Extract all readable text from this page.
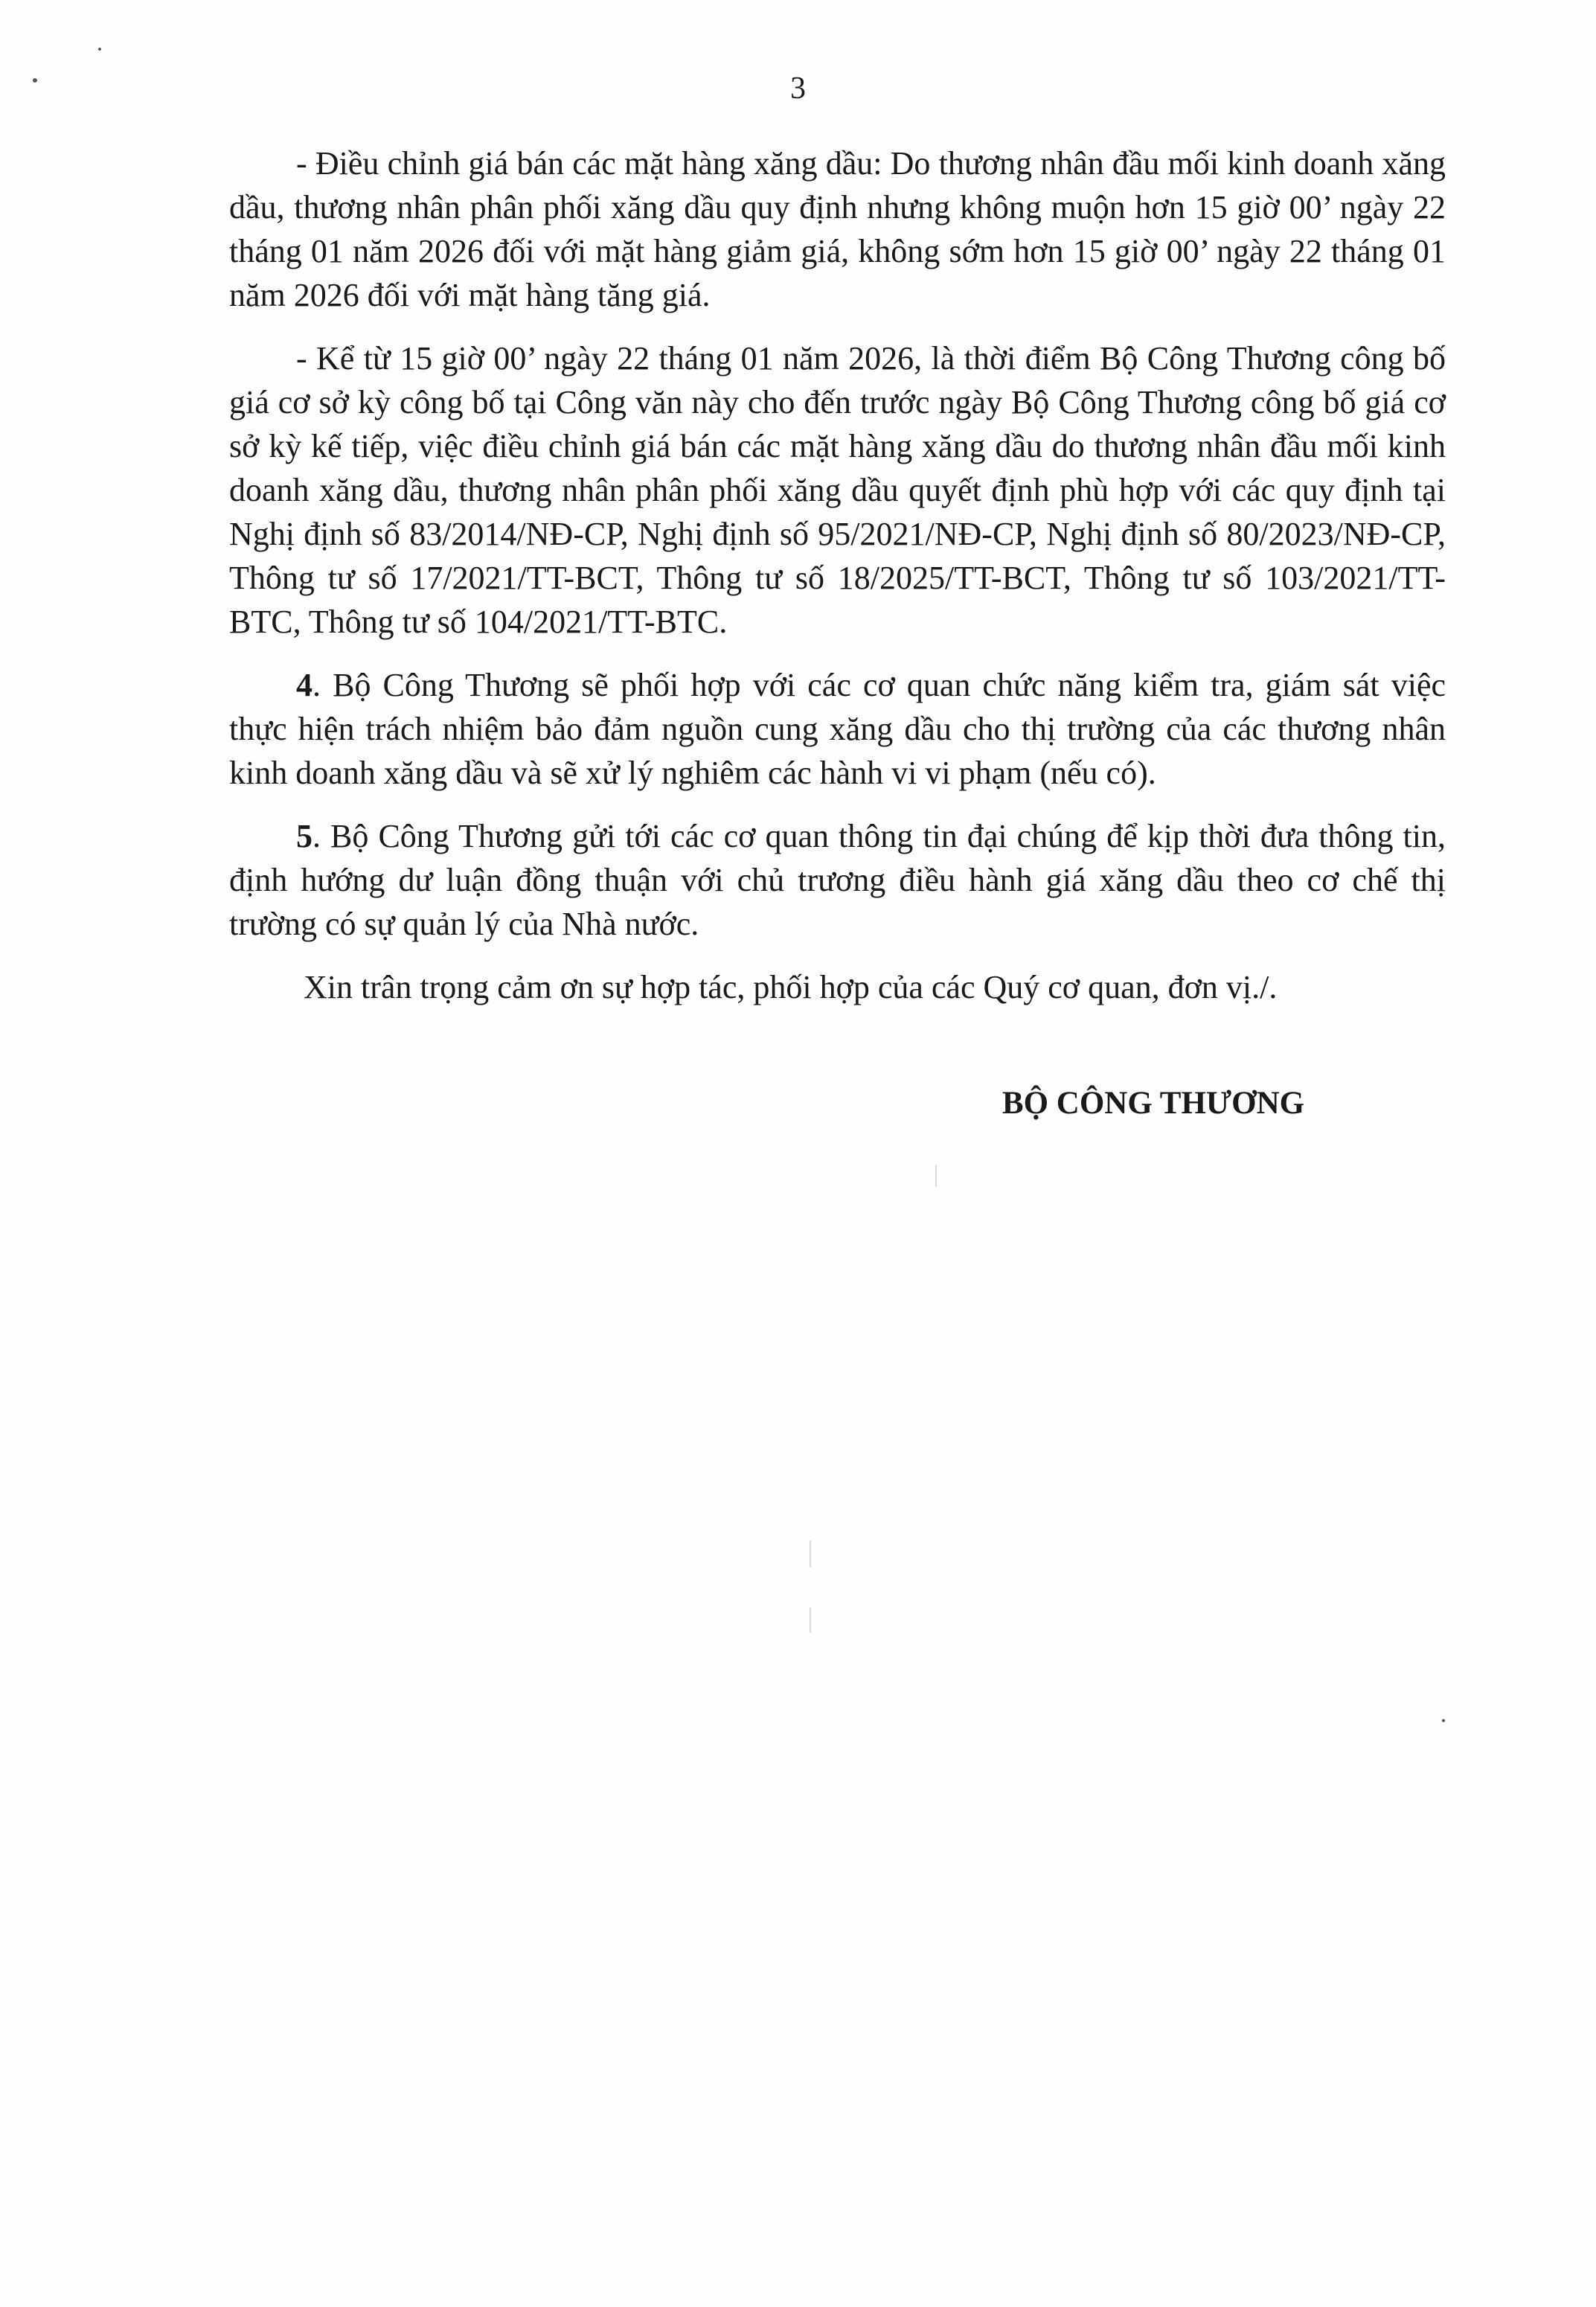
3

- Điều chỉnh giá bán các mặt hàng xăng dầu: Do thương nhân đầu mối kinh doanh xăng dầu, thương nhân phân phối xăng dầu quy định nhưng không muộn hơn 15 giờ 00’ ngày 22 tháng 01 năm 2026 đối với mặt hàng giảm giá, không sớm hơn 15 giờ 00’ ngày 22 tháng 01 năm 2026 đối với mặt hàng tăng giá.

- Kể từ 15 giờ 00’ ngày 22 tháng 01 năm 2026, là thời điểm Bộ Công Thương công bố giá cơ sở kỳ công bố tại Công văn này cho đến trước ngày Bộ Công Thương công bố giá cơ sở kỳ kế tiếp, việc điều chỉnh giá bán các mặt hàng xăng dầu do thương nhân đầu mối kinh doanh xăng dầu, thương nhân phân phối xăng dầu quyết định phù hợp với các quy định tại Nghị định số 83/2014/NĐ-CP, Nghị định số 95/2021/NĐ-CP, Nghị định số 80/2023/NĐ-CP, Thông tư số 17/2021/TT-BCT, Thông tư số 18/2025/TT-BCT, Thông tư số 103/2021/TT-BTC, Thông tư số 104/2021/TT-BTC.

4. Bộ Công Thương sẽ phối hợp với các cơ quan chức năng kiểm tra, giám sát việc thực hiện trách nhiệm bảo đảm nguồn cung xăng dầu cho thị trường của các thương nhân kinh doanh xăng dầu và sẽ xử lý nghiêm các hành vi vi phạm (nếu có).

5. Bộ Công Thương gửi tới các cơ quan thông tin đại chúng để kịp thời đưa thông tin, định hướng dư luận đồng thuận với chủ trương điều hành giá xăng dầu theo cơ chế thị trường có sự quản lý của Nhà nước.

Xin trân trọng cảm ơn sự hợp tác, phối hợp của các Quý cơ quan, đơn vị./.

BỘ CÔNG THƯƠNG
